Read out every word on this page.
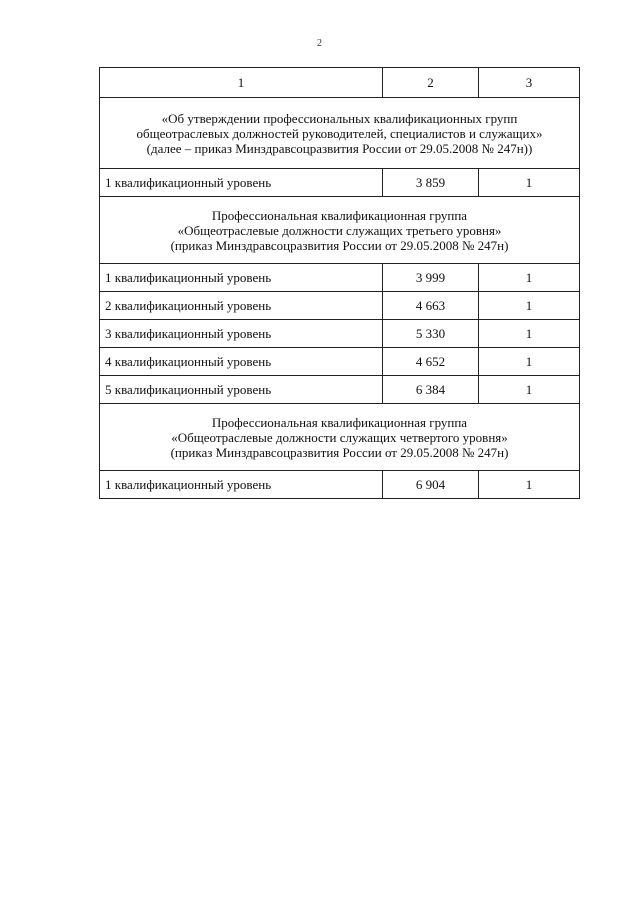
2
1	2	3

«Об утверждении профессиональных квалификационных групп
общеотраслевых должностей руководителей, специалистов и служащих»
(далее – приказ Минздравсоцразвития России от 29.05.2008 № 247н))		

1 квалификационный уровень	3 859	1

Профессиональная квалификационная группа
«Общеотраслевые должности служащих третьего уровня»
(приказ Минздравсоцразвития России от 29.05.2008 № 247н)		

1 квалификационный уровень	3 999	1
2 квалификационный уровень	4 663	1
3 квалификационный уровень	5 330	1
4 квалификационный уровень	4 652	1
5 квалификационный уровень	6 384	1

Профессиональная квалификационная группа
«Общеотраслевые должности служащих четвертого уровня»
(приказ Минздравсоцразвития России от 29.05.2008 № 247н)		

1 квалификационный уровень	6 904	1
